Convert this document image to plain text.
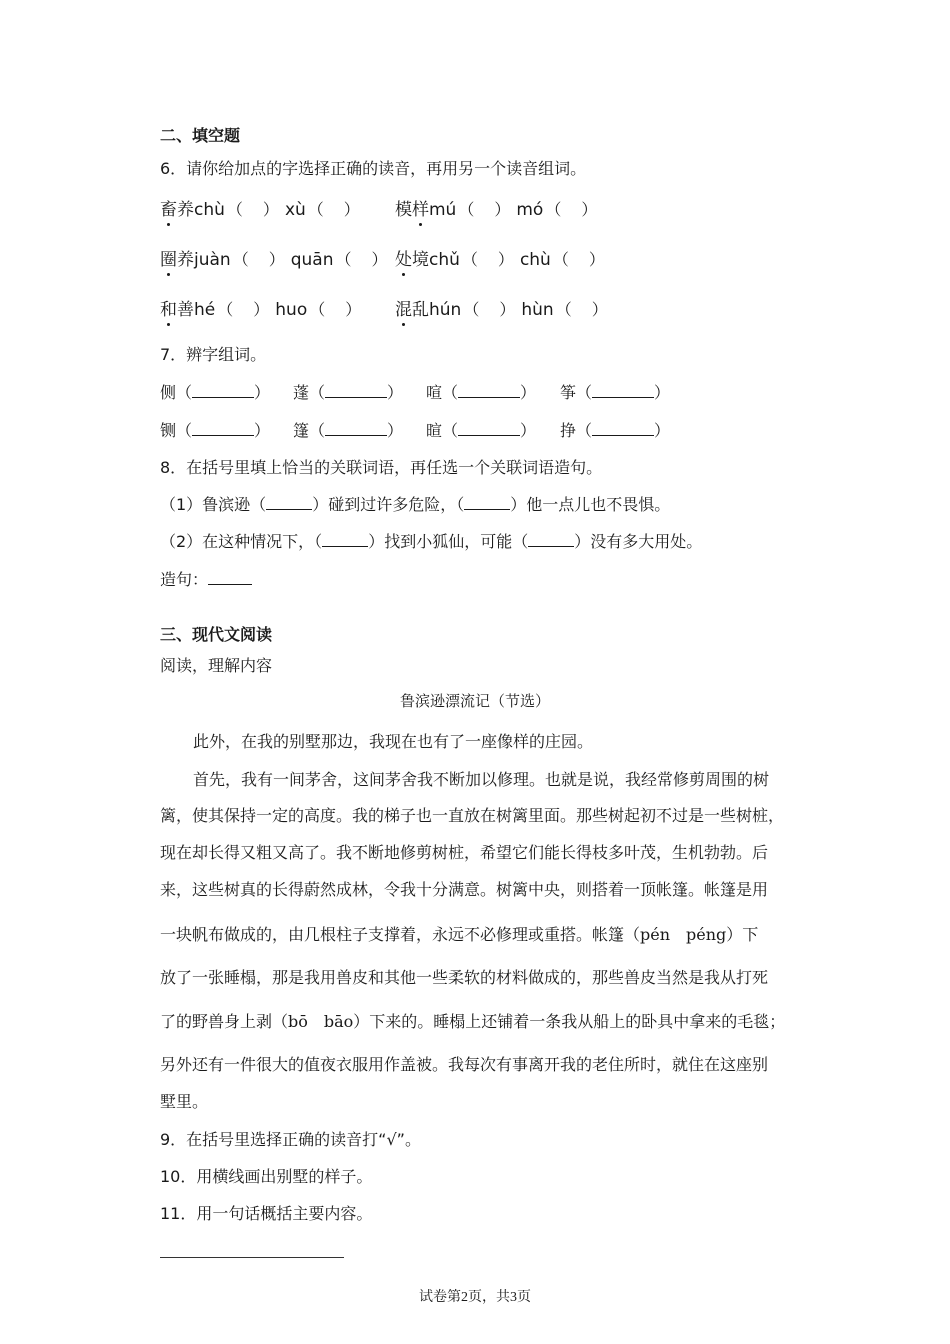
二、填空题
6．请你给加点的字选择正确的读音，再用另一个读音组词。
畜养chù （ ） xù （ ） 模样mú （ ） mó （ ）
圈养juàn （ ） quān （ ） 处境chǔ （ ） chù （ ）
和善hé （ ） huo （ ） 混乱hún （ ） hùn （ ）
7．辨字组词。
侧（	） 蓬（	） 喧（	） 筝（	）
铡（	） 篷（	） 暄（	） 挣（	）
8．在括号里填上恰当的关联词语，再任选一个关联词语造句。
（1）鲁滨逊（	）碰到过许多危险，（	）他一点儿也不畏惧。
（2）在这种情况下，（	）找到小狐仙，可能（	）没有多大用处。
造句：
三、现代文阅读
阅读，理解内容
鲁滨逊漂流记（节选）
此外，在我的别墅那边，我现在也有了一座像样的庄园。
首先，我有一间茅舍，这间茅舍我不断加以修理。也就是说，我经常修剪周围的树
篱，使其保持一定的高度。我的梯子也一直放在树篱里面。那些树起初不过是一些树桩，
现在却长得又粗又高了。我不断地修剪树桩，希望它们能长得枝多叶茂，生机勃勃。后
来，这些树真的长得蔚然成林，令我十分满意。树篱中央，则搭着一顶帐篷。帐篷是用
一块帆布做成的，由几根柱子支撑着，永远不必修理或重搭。帐篷（pén　péng）下
放了一张睡榻，那是我用兽皮和其他一些柔软的材料做成的，那些兽皮当然是我从打死
了的野兽身上剥（bō　bāo）下来的。睡榻上还铺着一条我从船上的卧具中拿来的毛毯；
另外还有一件很大的值夜衣服用作盖被。我每次有事离开我的老住所时，就住在这座别
墅里。
9．在括号里选择正确的读音打“√”。
10．用横线画出别墅的样子。
11．用一句话概括主要内容。
试卷第2页，共3页
